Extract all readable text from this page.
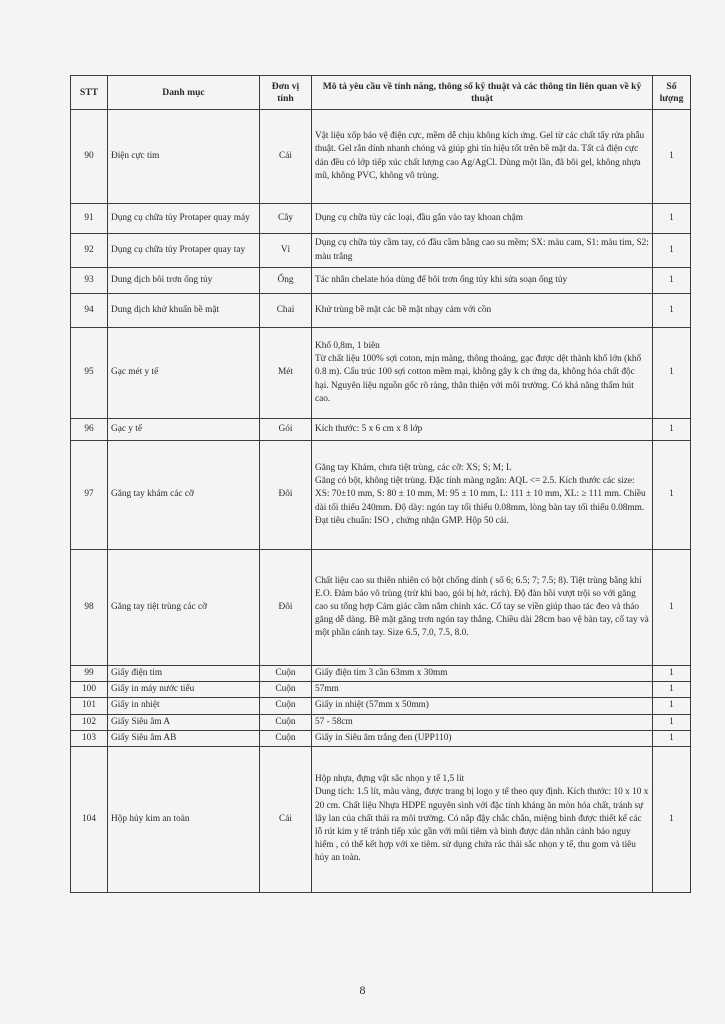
STT	Danh mục	Đơn vị tính	Mô tả yêu cầu về tính năng, thông số kỹ thuật và các thông tin liên quan về kỹ thuật	Số lượng
90	Điện cực tim	Cái	Vật liệu xốp bảo vệ điện cực, mềm dễ chịu không kích ứng. Gel từ các chất tẩy rửa phẫu thuật. Gel rắn dính nhanh chóng và giúp ghi tín hiệu tốt trên bề mặt da. Tất cả điện cực dán đều có lớp tiếp xúc chất lượng cao Ag/AgCl. Dùng một lần, đã bôi gel, không nhựa mũ, không PVC, không vô trùng.	1
91	Dụng cụ chữa tủy Protaper quay máy	Cây	Dụng cụ chữa tủy các loại, đầu gắn vào tay khoan chậm	1
92	Dụng cụ chữa tủy Protaper quay tay	Vỉ	Dụng cụ chữa tủy cầm tay, có đầu cầm bằng cao su mềm; SX: màu cam, S1: màu tím, S2: màu trắng	1
93	Dung dịch bôi trơn ống tủy	Ống	Tác nhân chelate hóa dùng để bôi trơn ống tủy khi sửa soạn ống tủy	1
94	Dung dịch khử khuẩn bề mặt	Chai	Khử trùng bề mặt các bề mặt nhạy cảm với cồn	1
95	Gạc mét y tế	Mét	Khổ 0,8m, 1 biên
Từ chất liệu 100% sợi coton, mịn màng, thông thoáng, gạc được dệt thành khổ lớn (khổ 0.8 m). Cấu trúc 100 sợi cotton mềm mại, không gây k ch ứng da, không hóa chất độc hại. Nguyên liệu nguồn gốc rõ ràng, thân thiện với môi trường. Có khả năng thấm hút cao.	1
96	Gạc y tế	Gói	Kích thước: 5 x 6 cm x 8 lớp	1
97	Găng tay khám các cỡ	Đôi	Găng tay Khám, chưa tiệt trùng, các cỡ: XS; S; M; L
Găng có bột, không tiệt trùng. Đặc tính màng ngăn: AQL <= 2.5. Kích thước các size: XS: 70±10 mm, S: 80 ± 10 mm, M: 95 ± 10 mm, L: 111 ± 10 mm, XL: ≥ 111 mm. Chiều dài tối thiểu 240mm. Độ dày: ngón tay tối thiểu 0.08mm, lòng bàn tay tối thiểu 0.08mm. Đạt tiêu chuẩn: ISO , chứng nhận GMP. Hộp 50 cái.	1
98	Găng tay tiệt trùng các cỡ	Đôi	Chất liệu cao su thiên nhiên có bột chống dính ( số 6; 6.5; 7; 7.5; 8). Tiệt trùng bằng khí E.O. Đảm bảo vô trùng (trừ khi bao, gói bị hở, rách). Độ đàn hồi vượt trội so với găng cao su tổng hợp Cảm giác cầm nắm chính xác. Cổ tay se viền giúp thao tác đeo và tháo găng dễ dàng. Bề mặt găng trơn ngón tay thẳng. Chiều dài 28cm bao vệ bàn tay, cổ tay và một phần cánh tay. Size 6.5, 7.0, 7.5, 8.0.	1
99	Giấy điện tim	Cuộn	Giấy điện tim 3 cần 63mm x 30mm	1
100	Giấy in máy nước tiểu	Cuộn	57mm	1
101	Giấy in nhiệt	Cuộn	Giấy in nhiệt (57mm x 50mm)	1
102	Giấy Siêu âm A	Cuộn	57 - 58cm	1
103	Giấy Siêu âm AB	Cuộn	Giấy in Siêu âm trắng đen (UPP110)	1
104	Hộp hủy kim an toàn	Cái	Hộp nhựa, đựng vật sắc nhọn y tế 1,5 lít
Dung tích: 1.5 lít, màu vàng, được trang bị logo y tế theo quy định. Kích thước: 10 x 10 x 20 cm. Chất liệu Nhựa HDPE nguyên sinh với đặc tính kháng ăn mòn hóa chất, tránh sự lây lan của chất thải ra môi trường. Có nắp đậy chắc chắn, miệng bình được thiết kế các lỗ rút kim y tế tránh tiếp xúc gần với mũi tiêm và bình được dán nhãn cảnh báo nguy hiểm , có thể kết hợp với xe tiêm. sử dụng chứa rác thải sắc nhọn y tế, thu gom và tiêu hủy an toàn.	1
8
